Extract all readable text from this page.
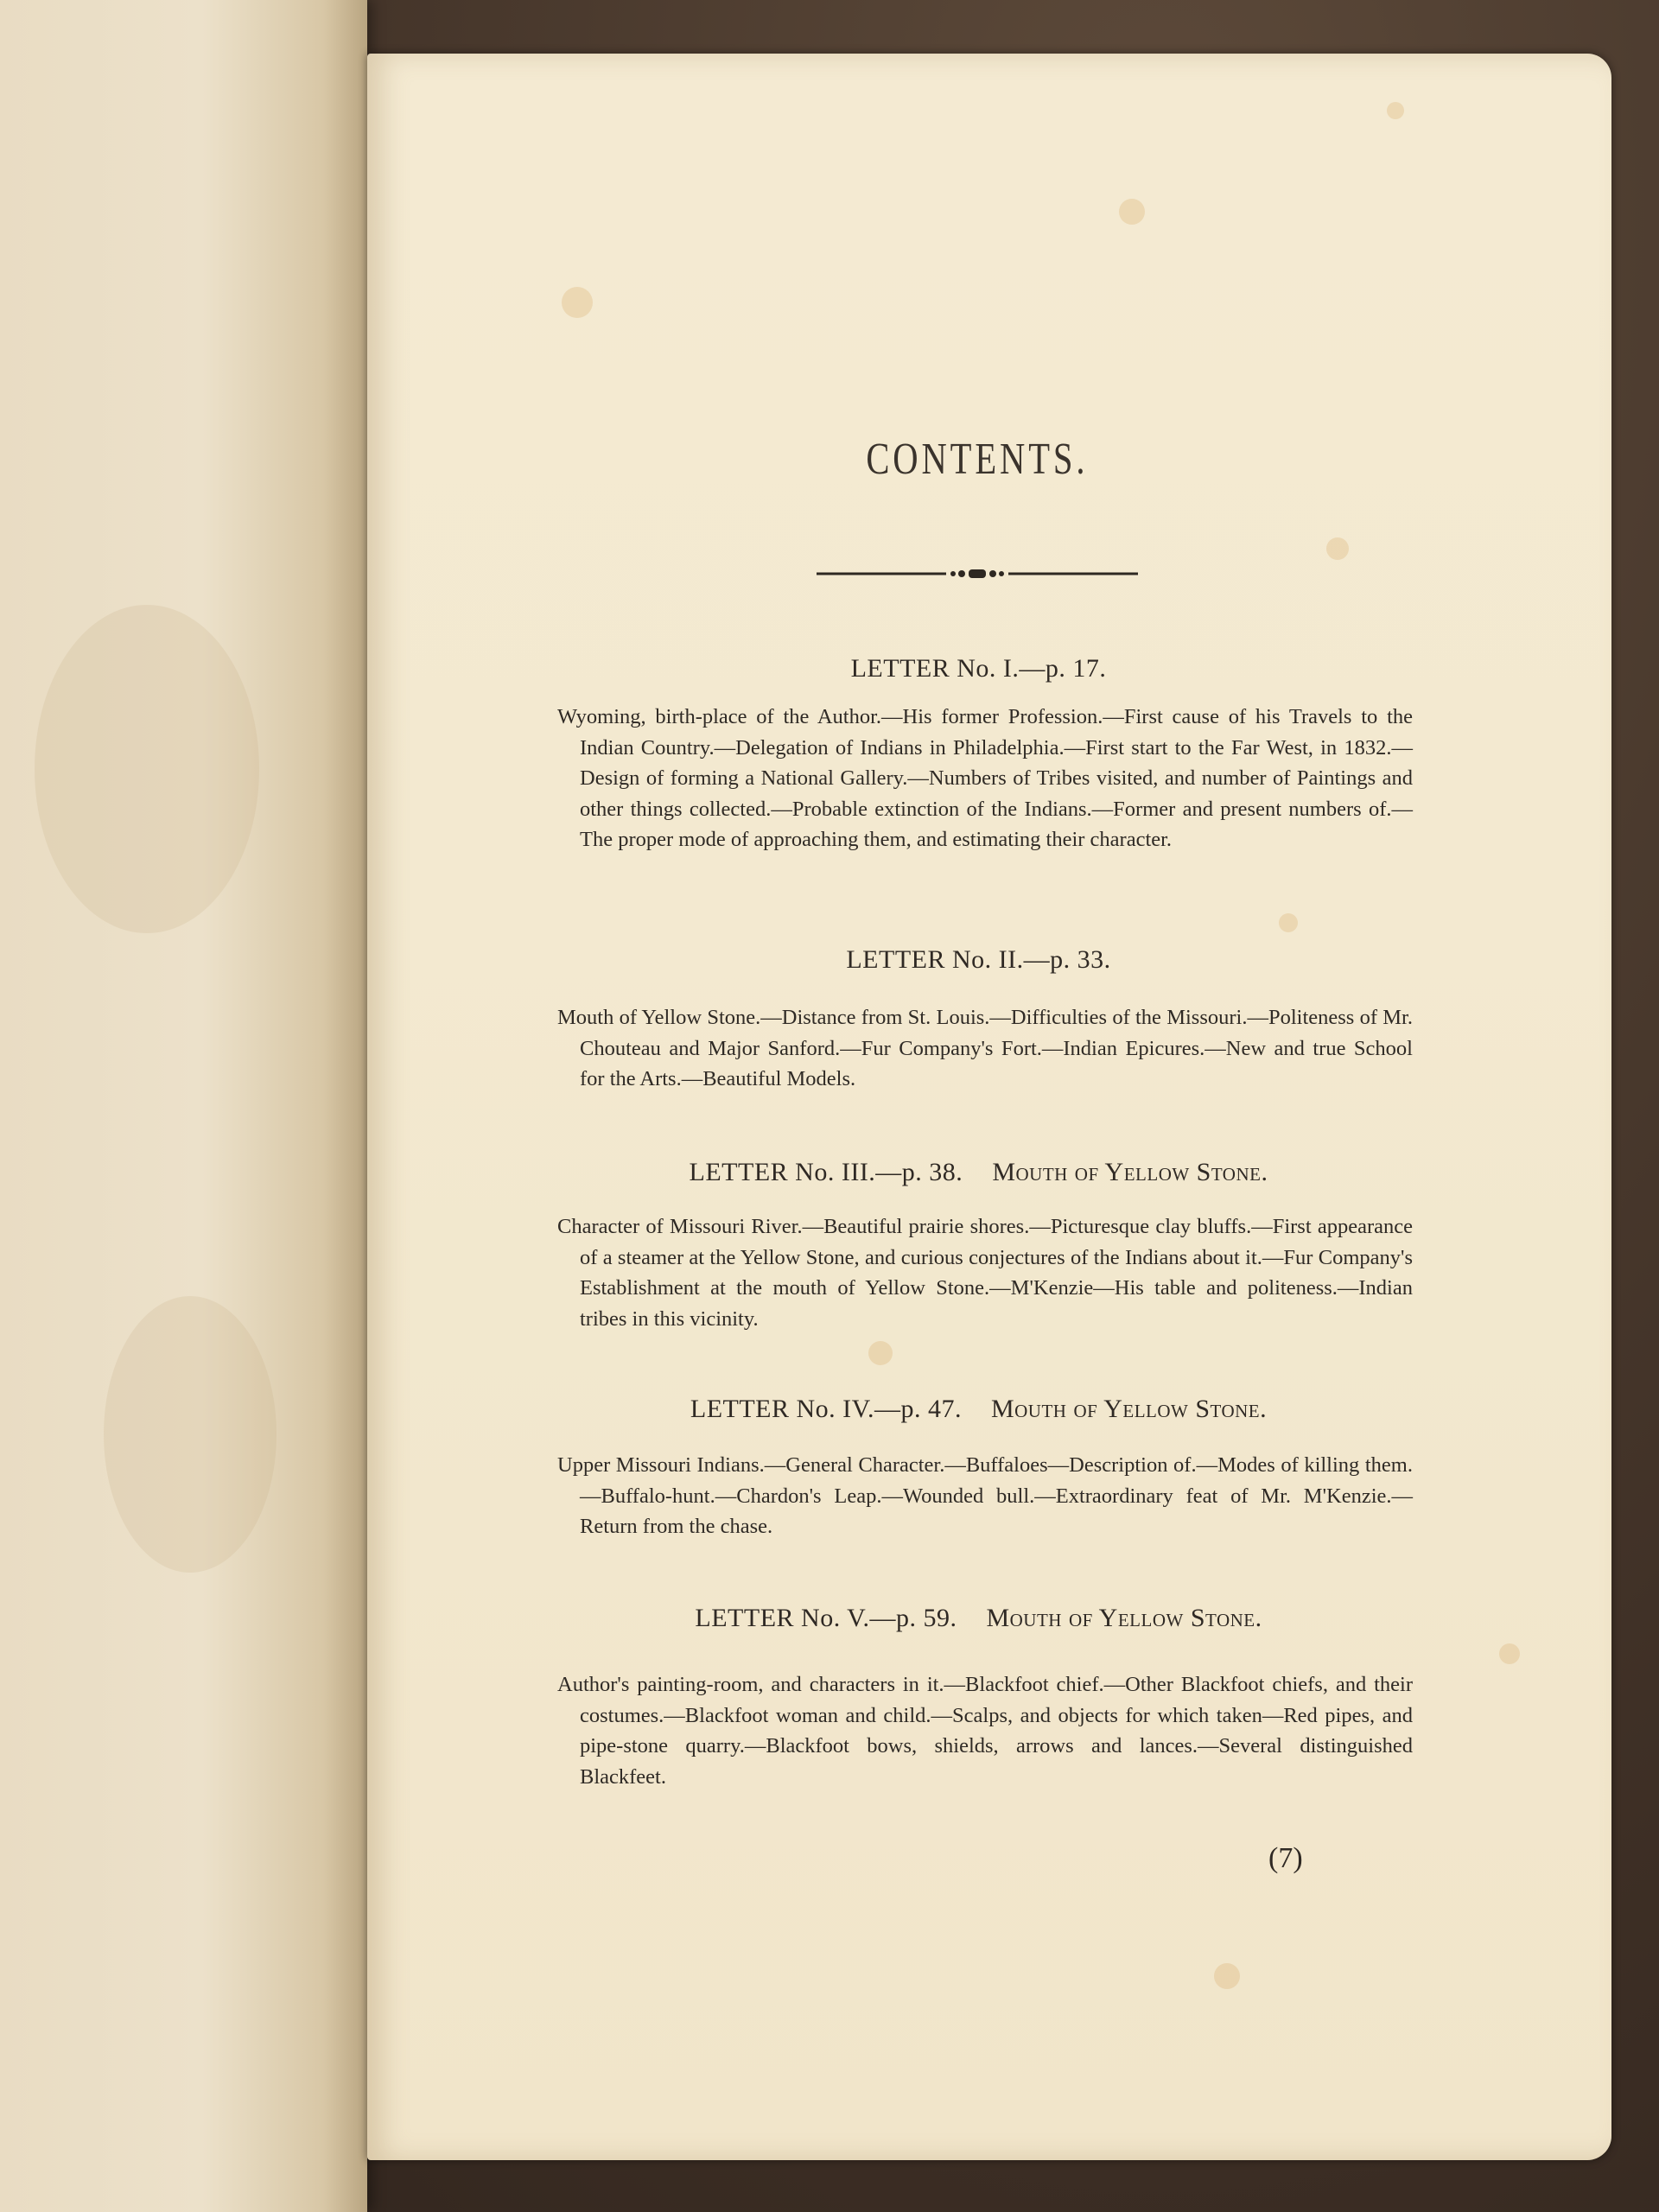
CONTENTS.
LETTER No. I.—p. 17.
Wyoming, birth-place of the Author.—His former Profession.—First cause of his Travels to the Indian Country.—Delegation of Indians in Philadelphia.—First start to the Far West, in 1832.—Design of forming a National Gallery.—Numbers of Tribes visited, and number of Paintings and other things collected.—Probable extinction of the Indians.—Former and present numbers of.—The proper mode of approaching them, and estimating their character.
LETTER No. II.—p. 33.
Mouth of Yellow Stone.—Distance from St. Louis.—Difficulties of the Missouri.—Politeness of Mr. Chouteau and Major Sanford.—Fur Company's Fort.—Indian Epicures.—New and true School for the Arts.—Beautiful Models.
LETTER No. III.—p. 38. Mouth of Yellow Stone.
Character of Missouri River.—Beautiful prairie shores.—Picturesque clay bluffs.—First appearance of a steamer at the Yellow Stone, and curious conjectures of the Indians about it.—Fur Company's Establishment at the mouth of Yellow Stone.—M'Kenzie—His table and politeness.—Indian tribes in this vicinity.
LETTER No. IV.—p. 47. Mouth of Yellow Stone.
Upper Missouri Indians.—General Character.—Buffaloes—Description of.—Modes of killing them.—Buffalo-hunt.—Chardon's Leap.—Wounded bull.—Extraordinary feat of Mr. M'Kenzie.—Return from the chase.
LETTER No. V.—p. 59. Mouth of Yellow Stone.
Author's painting-room, and characters in it.—Blackfoot chief.—Other Blackfoot chiefs, and their costumes.—Blackfoot woman and child.—Scalps, and objects for which taken—Red pipes, and pipe-stone quarry.—Blackfoot bows, shields, arrows and lances.—Several distinguished Blackfeet.
(7)
